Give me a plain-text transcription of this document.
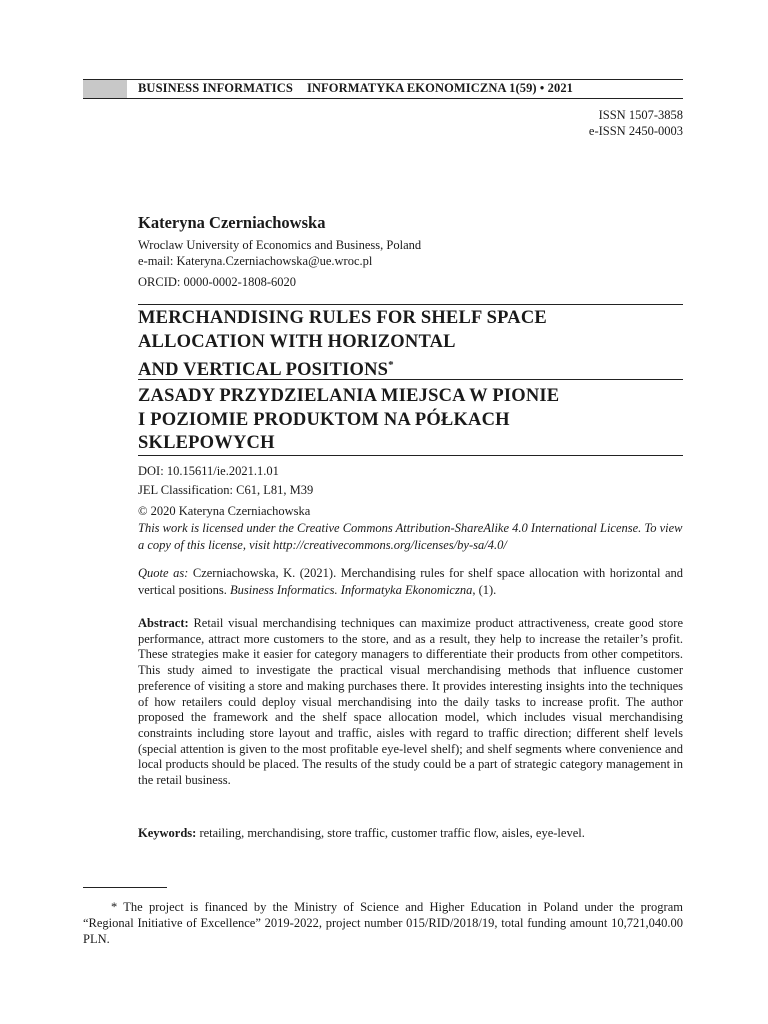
BUSINESS INFORMATICS INFORMATYKA EKONOMICZNA 1(59) • 2021
ISSN 1507-3858
e-ISSN 2450-0003
Kateryna Czerniachowska
Wroclaw University of Economics and Business, Poland
e-mail: Kateryna.Czerniachowska@ue.wroc.pl
ORCID: 0000-0002-1808-6020
MERCHANDISING RULES FOR SHELF SPACE
ALLOCATION WITH HORIZONTAL
AND VERTICAL POSITIONS*
ZASADY PRZYDZIELANIA MIEJSCA W PIONIE
I POZIOMIE PRODUKTOM NA PÓŁKACH
SKLEPOWYCH
DOI: 10.15611/ie.2021.1.01
JEL Classification: C61, L81, M39
© 2020 Kateryna Czerniachowska
This work is licensed under the Creative Commons Attribution-ShareAlike 4.0 International License. To view a copy of this license, visit http://creativecommons.org/licenses/by-sa/4.0/
Quote as: Czerniachowska, K. (2021). Merchandising rules for shelf space allocation with horizontal and vertical positions. Business Informatics. Informatyka Ekonomiczna, (1).
Abstract: Retail visual merchandising techniques can maximize product attractiveness, create good store performance, attract more customers to the store, and as a result, they help to increase the retailer’s profit. These strategies make it easier for category managers to differentiate their products from other competitors. This study aimed to investigate the practical visual merchandising methods that influence customer preference of visiting a store and making purchases there. It provides interesting insights into the techniques of how retailers could deploy visual merchandising into the daily tasks to increase profit. The author proposed the framework and the shelf space allocation model, which includes visual merchandising constraints including store layout and traffic, aisles with regard to traffic direction; different shelf levels (special attention is given to the most profitable eye-level shelf); and shelf segments where convenience and local products should be placed. The results of the study could be a part of strategic category management in the retail business.
Keywords: retailing, merchandising, store traffic, customer traffic flow, aisles, eye-level.
* The project is financed by the Ministry of Science and Higher Education in Poland under the program “Regional Initiative of Excellence” 2019-2022, project number 015/RID/2018/19, total funding amount 10,721,040.00 PLN.
